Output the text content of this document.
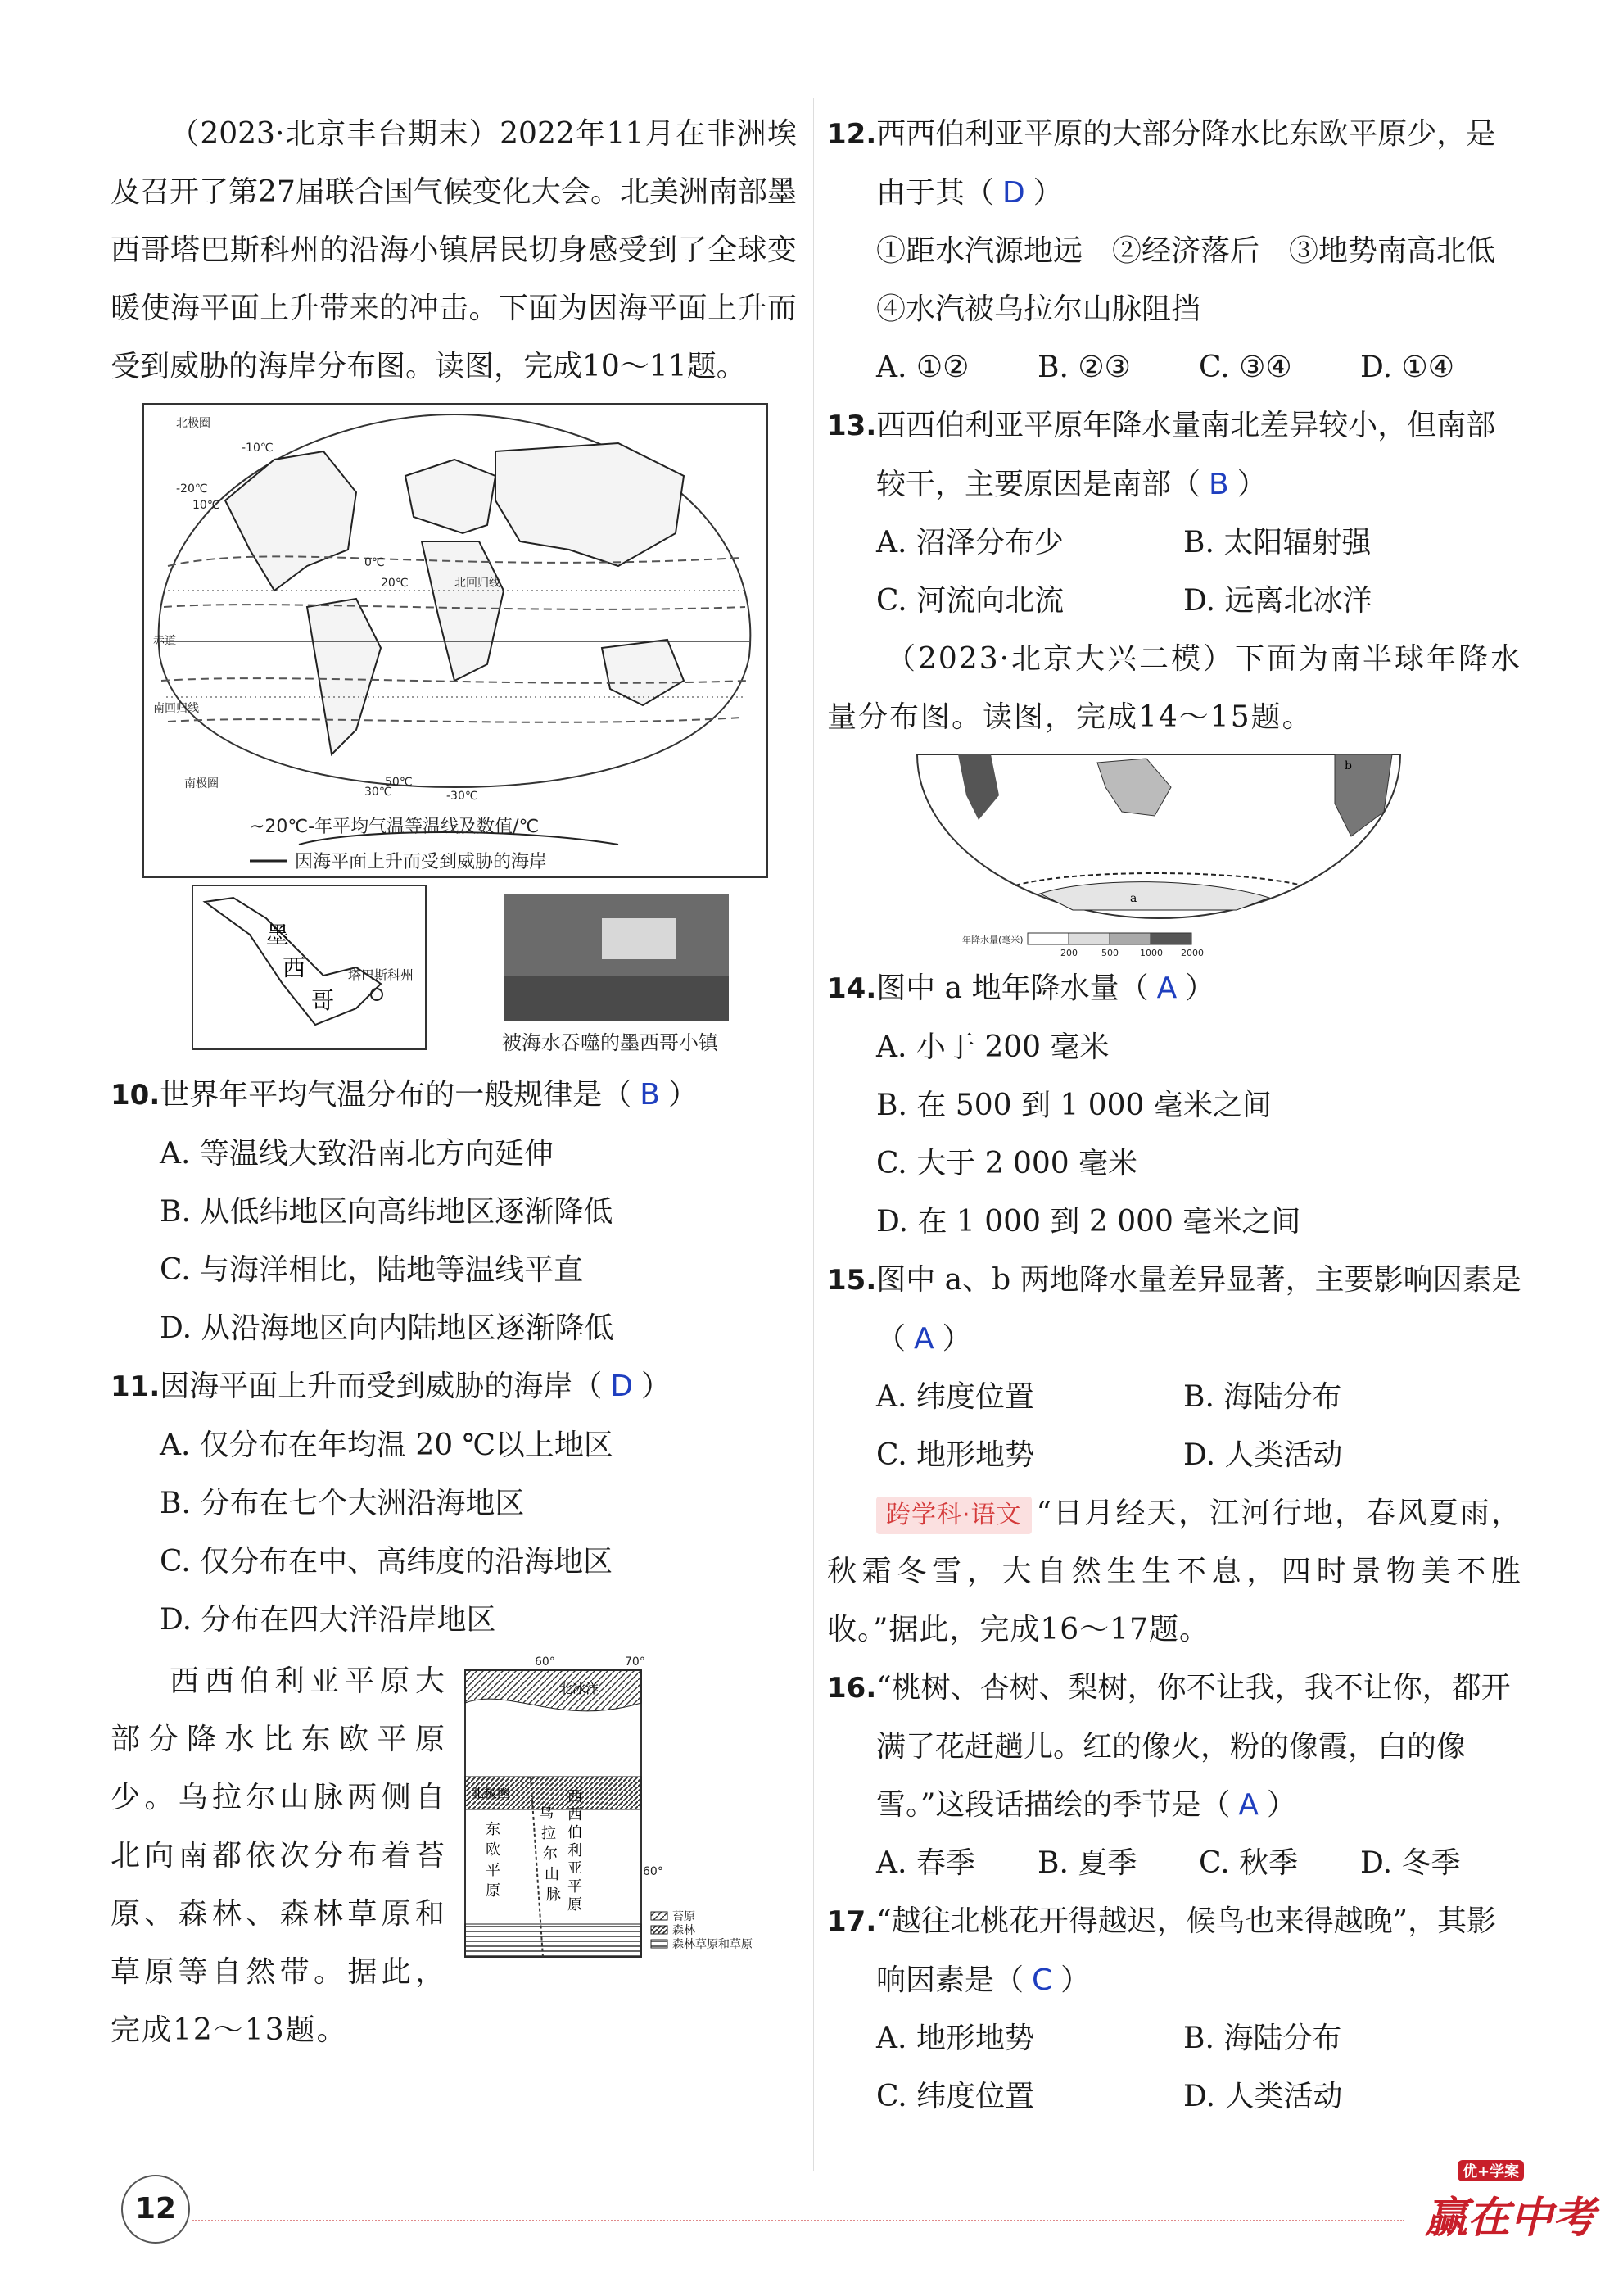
（2023·北京丰台期末）2022年11月在非洲埃及召开了第27届联合国气候变化大会。北美洲南部墨西哥塔巴斯科州的沿海小镇居民切身感受到了全球变暖使海平面上升带来的冲击。下面为因海平面上升而受到威胁的海岸分布图。读图，完成10～11题。

北极圈
赤道
北回归线
南回归线
南极圈
10℃
0℃
-10℃
20℃
-20℃
30℃	-30℃
50℃
~20℃-年平均气温等温线及数值/℃
因海平面上升而受到威胁的海岸
墨
西
哥
塔巴斯科州
被海水吞噬的墨西哥小镇

10.世界年平均气温分布的一般规律是（ B ）

A. 等温线大致沿南北方向延伸

B. 从低纬地区向高纬地区逐渐降低

C. 与海洋相比，陆地等温线平直

D. 从沿海地区向内陆地区逐渐降低

11.因海平面上升而受到威胁的海岸（ D ）

A. 仅分布在年均温 20 ℃以上地区

B. 分布在七个大洲沿海地区

C. 仅分布在中、高纬度的沿海地区

D. 分布在四大洋沿岸地区

西西伯利亚平原大部分降水比东欧平原少。乌拉尔山脉两侧自北向南都依次分布着苔原、森林、森林草原和草原等自然带。据此，完成12～13题。

60°	70°
北冰洋
北极圈
60°
东
欧
平
原
西
西
伯
利
亚
平
原
乌
拉
尔
山
脉
苔原
森林
森林草原和草原

12.西西伯利亚平原的大部分降水比东欧平原少，是由于其（ D ）

①距水汽源地远　②经济落后　③地势南高北低　④水汽被乌拉尔山脉阻挡

A. ①②	B. ②③	C. ③④	D. ①④

13.西西伯利亚平原年降水量南北差异较小，但南部较干，主要原因是南部（ B ）

A. 沼泽分布少	B. 太阳辐射强

C. 河流向北流	D. 远离北冰洋

（2023·北京大兴二模）下面为南半球年降水量分布图。读图，完成14～15题。

a
b
年降水量(毫米)
200	500 1000 2000

14.图中 a 地年降水量（ A ）

A. 小于 200 毫米

B. 在 500 到 1 000 毫米之间

C. 大于 2 000 毫米

D. 在 1 000 到 2 000 毫米之间

15.图中 a、b 两地降水量差异显著，主要影响因素是（ A ）

A. 纬度位置	B. 海陆分布

C. 地形地势	D. 人类活动

跨学科·语文 “日月经天，江河行地，春风夏雨，秋霜冬雪，大自然生生不息，四时景物美不胜收。”据此，完成16～17题。

16.“桃树、杏树、梨树，你不让我，我不让你，都开满了花赶趟儿。红的像火，粉的像霞，白的像雪。”这段话描绘的季节是（ A ）

A. 春季	B. 夏季	C. 秋季	D. 冬季

17.“越往北桃花开得越迟，候鸟也来得越晚”，其影响因素是（ C ）

A. 地形地势	B. 海陆分布

C. 纬度位置	D. 人类活动

12
优+学案
赢在中考
